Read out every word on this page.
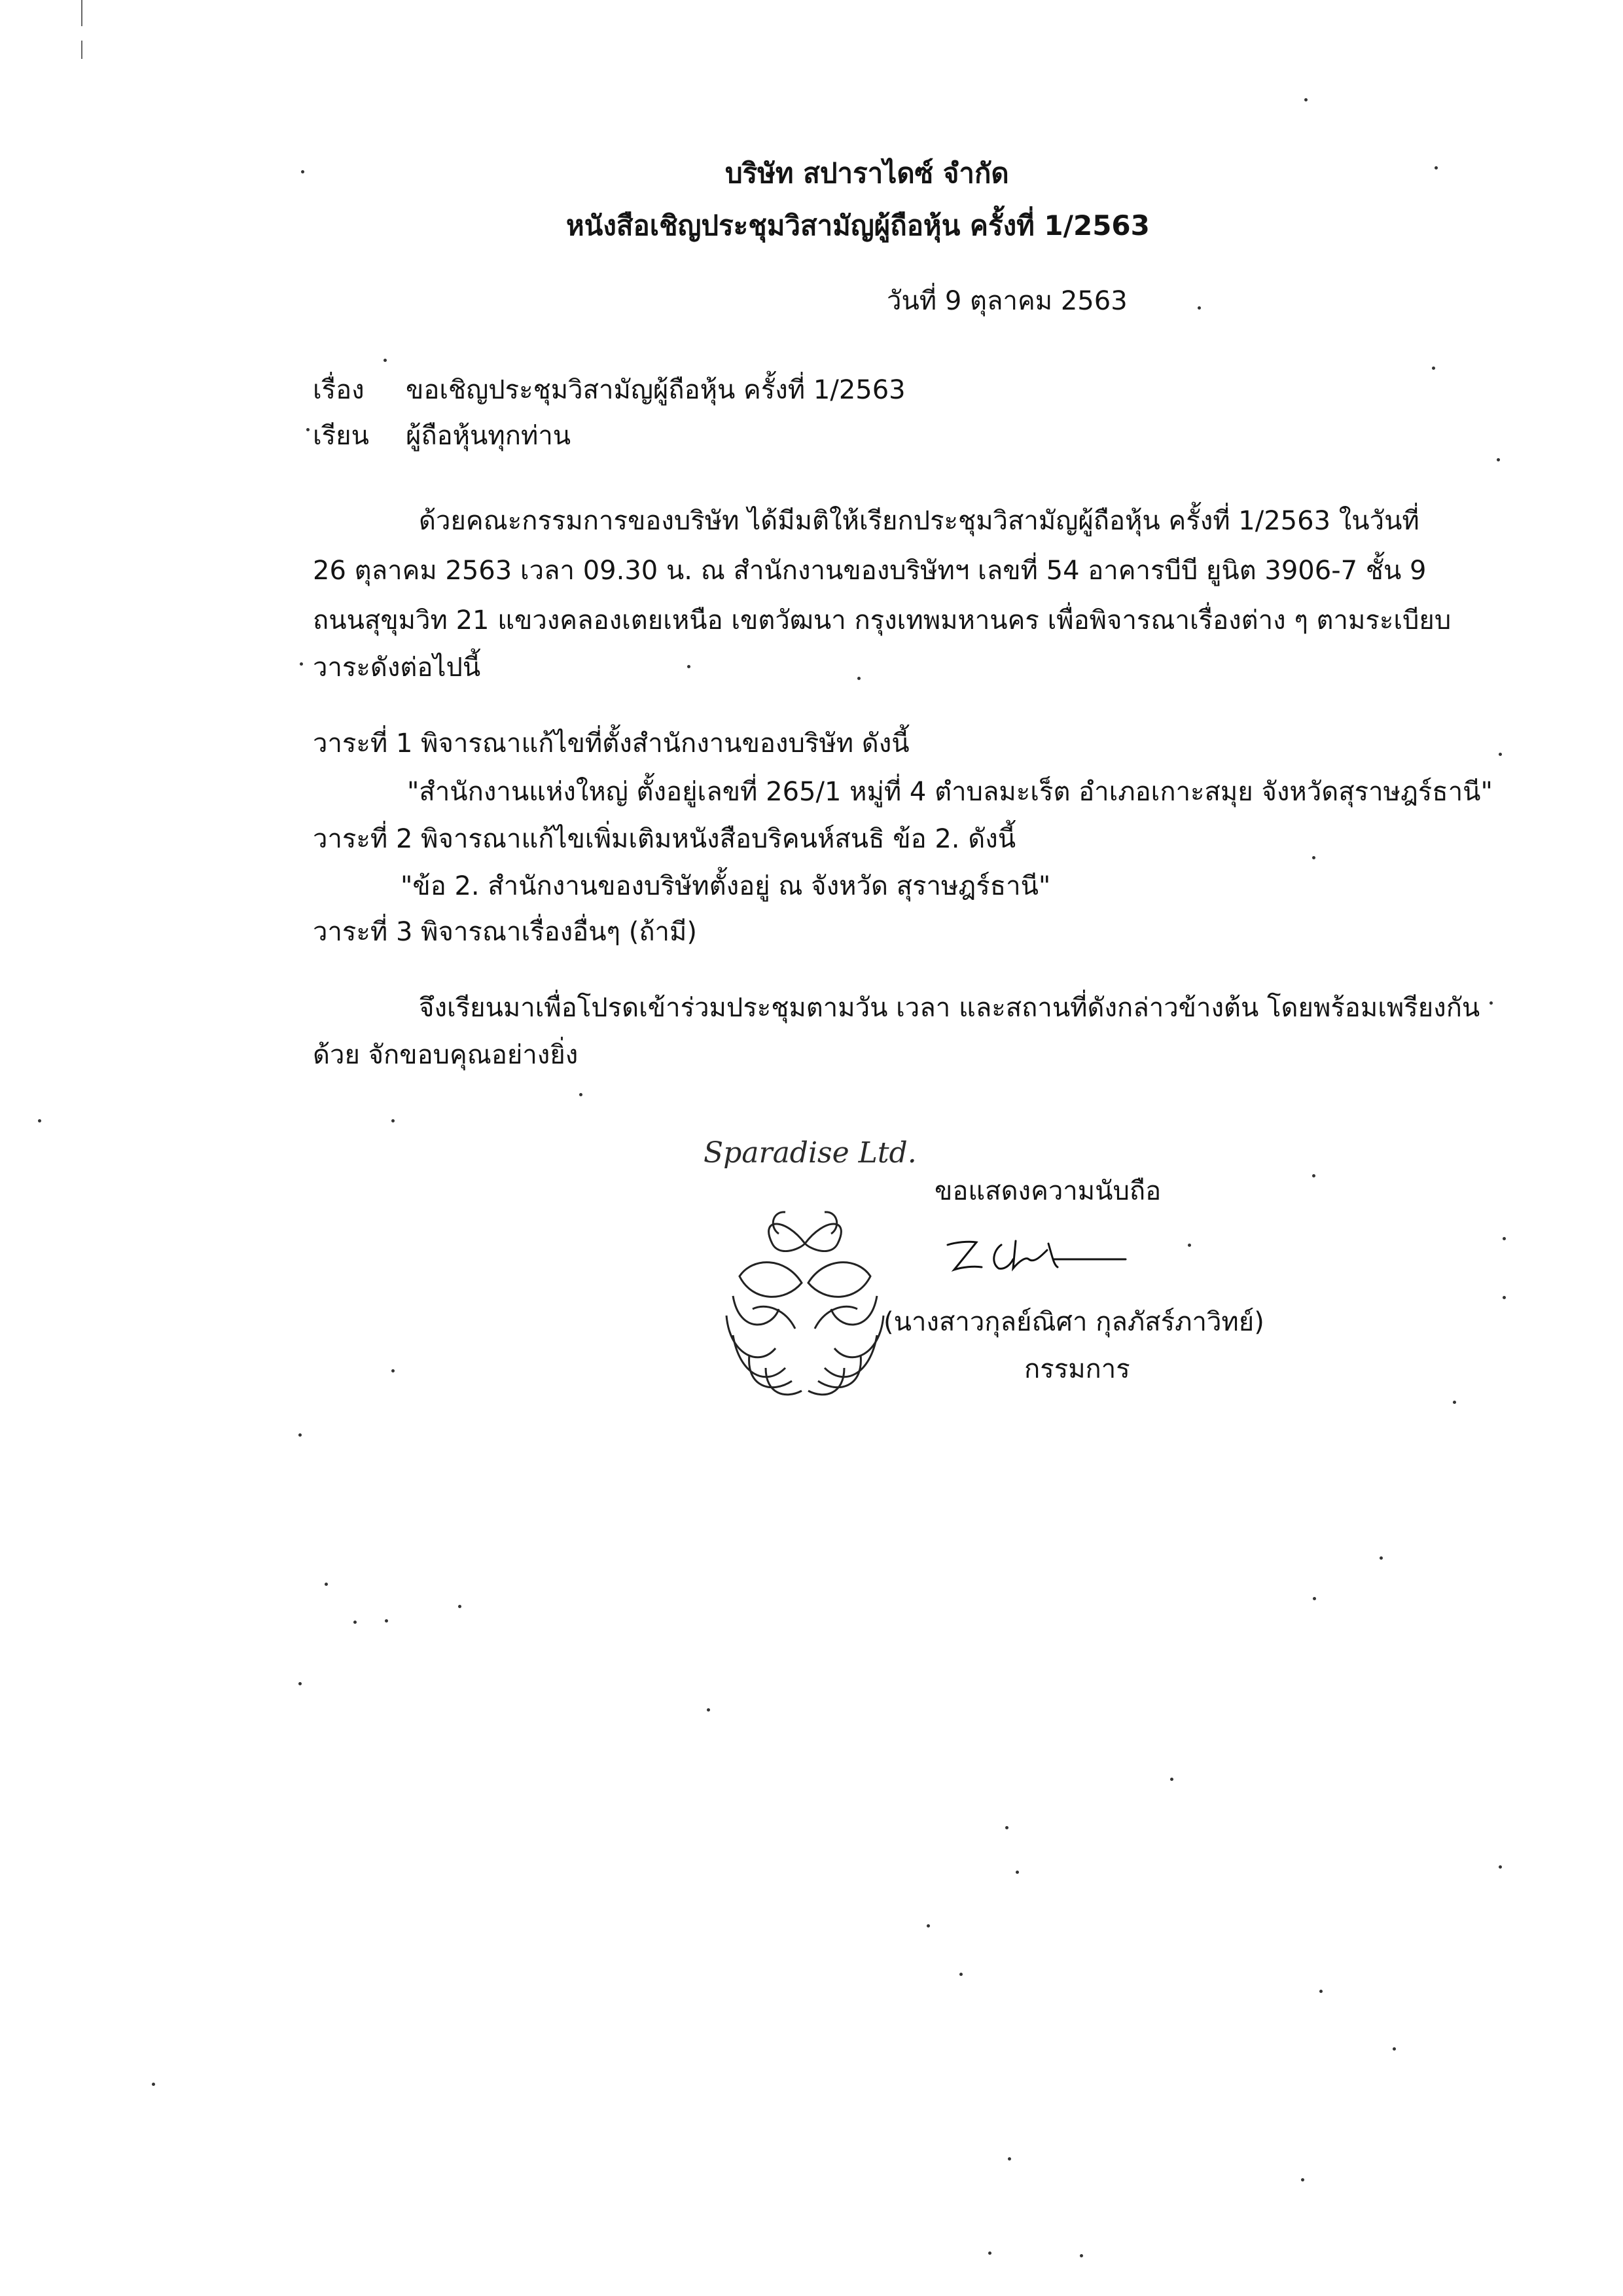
บริษัท สปาราไดซ์ จำกัด
หนังสือเชิญประชุมวิสามัญผู้ถือหุ้น ครั้งที่ 1/2563
วันที่ 9 ตุลาคม 2563
เรื่อง ขอเชิญประชุมวิสามัญผู้ถือหุ้น ครั้งที่ 1/2563
เรียน ผู้ถือหุ้นทุกท่าน
ด้วยคณะกรรมการของบริษัท ได้มีมติให้เรียกประชุมวิสามัญผู้ถือหุ้น ครั้งที่ 1/2563 ในวันที่
26 ตุลาคม 2563 เวลา 09.30 น. ณ สำนักงานของบริษัทฯ เลขที่ 54 อาคารบีบี ยูนิต 3906-7 ชั้น 9
ถนนสุขุมวิท 21 แขวงคลองเตยเหนือ เขตวัฒนา กรุงเทพมหานคร เพื่อพิจารณาเรื่องต่าง ๆ ตามระเบียบ
วาระดังต่อไปนี้
วาระที่ 1 พิจารณาแก้ไขที่ตั้งสำนักงานของบริษัท ดังนี้
"สำนักงานแห่งใหญ่ ตั้งอยู่เลขที่ 265/1 หมู่ที่ 4 ตำบลมะเร็ต อำเภอเกาะสมุย จังหวัดสุราษฎร์ธานี"
วาระที่ 2 พิจารณาแก้ไขเพิ่มเติมหนังสือบริคนห์สนธิ ข้อ 2. ดังนี้
"ข้อ 2. สำนักงานของบริษัทตั้งอยู่ ณ จังหวัด สุราษฎร์ธานี"
วาระที่ 3 พิจารณาเรื่องอื่นๆ (ถ้ามี)
จึงเรียนมาเพื่อโปรดเข้าร่วมประชุมตามวัน เวลา และสถานที่ดังกล่าวข้างต้น โดยพร้อมเพรียงกัน
ด้วย จักขอบคุณอย่างยิ่ง
Sparadise Ltd.
ขอแสดงความนับถือ
(นางสาวกุลย์ณิศา กุลภัสร์ภาวิทย์)
กรรมการ
